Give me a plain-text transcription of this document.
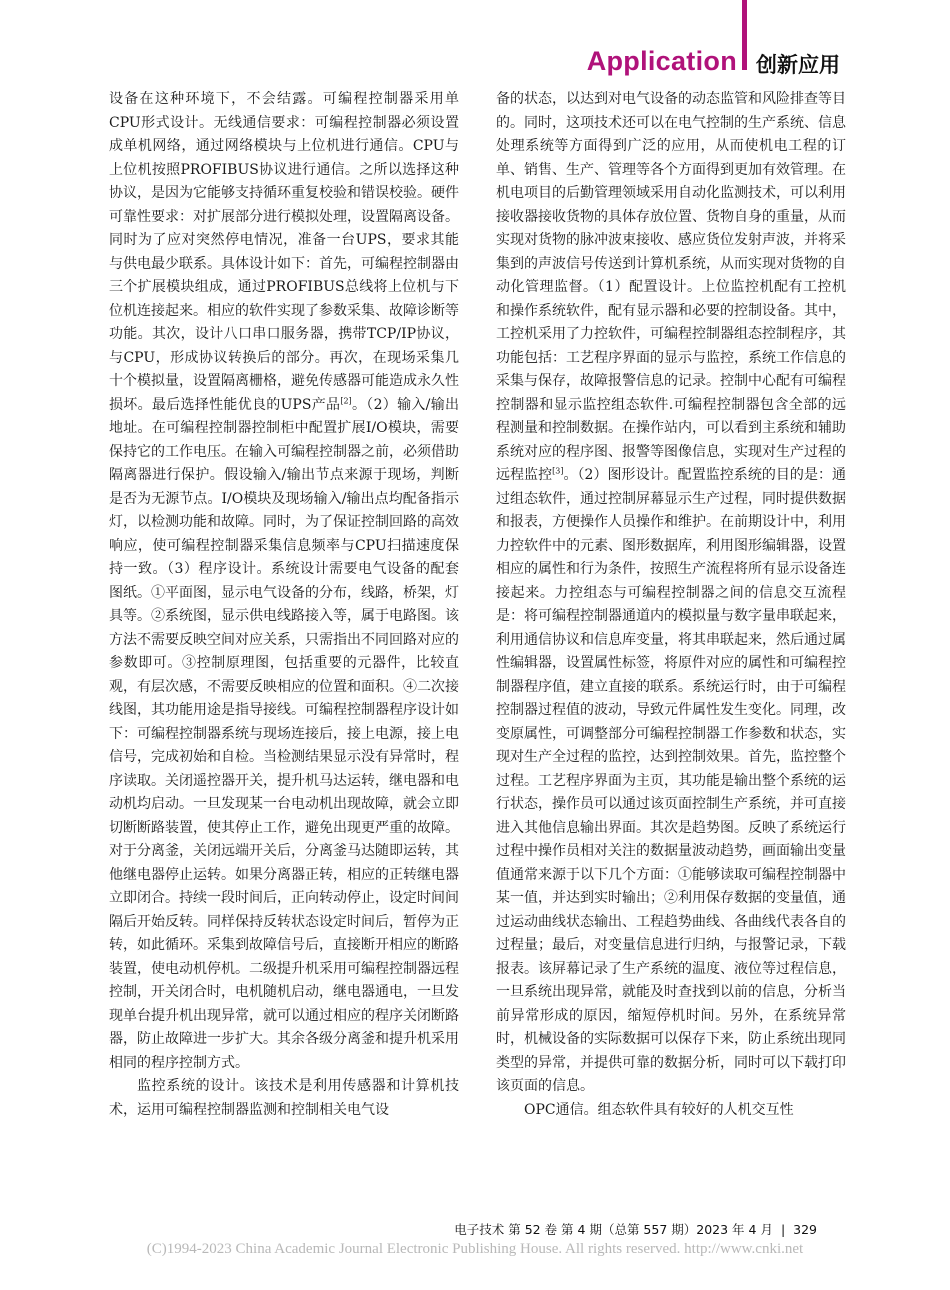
Application 创新应用

设备在这种环境下，不会结露。可编程控制器采用单CPU形式设计。无线通信要求：可编程控制器必须设置成单机网络，通过网络模块与上位机进行通信。CPU与上位机按照PROFIBUS协议进行通信。之所以选择这种协议，是因为它能够支持循环重复校验和错误校验。硬件可靠性要求：对扩展部分进行模拟处理，设置隔离设备。同时为了应对突然停电情况，准备一台UPS，要求其能与供电最少联系。具体设计如下：首先，可编程控制器由三个扩展模块组成，通过PROFIBUS总线将上位机与下位机连接起来。相应的软件实现了参数采集、故障诊断等功能。其次，设计八口串口服务器，携带TCP/IP协议，与CPU，形成协议转换后的部分。再次，在现场采集几十个模拟量，设置隔离栅格，避免传感器可能造成永久性损坏。最后选择性能优良的UPS产品[2]。（2）输入/输出地址。在可编程控制器控制柜中配置扩展I/O模块，需要保持它的工作电压。在输入可编程控制器之前，必须借助隔离器进行保护。假设输入/输出节点来源于现场，判断是否为无源节点。I/O模块及现场输入/输出点均配备指示灯，以检测功能和故障。同时，为了保证控制回路的高效响应，使可编程控制器采集信息频率与CPU扫描速度保持一致。（3）程序设计。系统设计需要电气设备的配套图纸。①平面图，显示电气设备的分布，线路，桥架，灯具等。②系统图，显示供电线路接入等，属于电路图。该方法不需要反映空间对应关系，只需指出不同回路对应的参数即可。③控制原理图，包括重要的元器件，比较直观，有层次感，不需要反映相应的位置和面积。④二次接线图，其功能用途是指导接线。可编程控制器程序设计如下：可编程控制器系统与现场连接后，接上电源，接上电信号，完成初始和自检。当检测结果显示没有异常时，程序读取。关闭遥控器开关，提升机马达运转，继电器和电动机均启动。一旦发现某一台电动机出现故障，就会立即切断断路装置，使其停止工作，避免出现更严重的故障。对于分离釜，关闭远端开关后，分离釜马达随即运转，其他继电器停止运转。如果分离器正转，相应的正转继电器立即闭合。持续一段时间后，正向转动停止，设定时间间隔后开始反转。同样保持反转状态设定时间后，暂停为正转，如此循环。采集到故障信号后，直接断开相应的断路装置，使电动机停机。二级提升机采用可编程控制器远程控制，开关闭合时，电机随机启动，继电器通电，一旦发现单台提升机出现异常，就可以通过相应的程序关闭断路器，防止故障进一步扩大。其余各级分离釜和提升机采用相同的程序控制方式。

监控系统的设计。该技术是利用传感器和计算机技术，运用可编程控制器监测和控制相关电气设

备的状态，以达到对电气设备的动态监管和风险排查等目的。同时，这项技术还可以在电气控制的生产系统、信息处理系统等方面得到广泛的应用，从而使机电工程的订单、销售、生产、管理等各个方面得到更加有效管理。在机电项目的后勤管理领域采用自动化监测技术，可以利用接收器接收货物的具体存放位置、货物自身的重量，从而实现对货物的脉冲波束接收、感应货位发射声波，并将采集到的声波信号传送到计算机系统，从而实现对货物的自动化管理监督。（1）配置设计。上位监控机配有工控机和操作系统软件，配有显示器和必要的控制设备。其中，工控机采用了力控软件，可编程控制器组态控制程序，其功能包括：工艺程序界面的显示与监控，系统工作信息的采集与保存，故障报警信息的记录。控制中心配有可编程控制器和显示监控组态软件.可编程控制器包含全部的远程测量和控制数据。在操作站内，可以看到主系统和辅助系统对应的程序图、报警等图像信息，实现对生产过程的远程监控[3]。（2）图形设计。配置监控系统的目的是：通过组态软件，通过控制屏幕显示生产过程，同时提供数据和报表，方便操作人员操作和维护。在前期设计中，利用力控软件中的元素、图形数据库，利用图形编辑器，设置相应的属性和行为条件，按照生产流程将所有显示设备连接起来。力控组态与可编程控制器之间的信息交互流程是：将可编程控制器通道内的模拟量与数字量串联起来，利用通信协议和信息库变量，将其串联起来，然后通过属性编辑器，设置属性标签，将原件对应的属性和可编程控制器程序值，建立直接的联系。系统运行时，由于可编程控制器过程值的波动，导致元件属性发生变化。同理，改变原属性，可调整部分可编程控制器工作参数和状态，实现对生产全过程的监控，达到控制效果。首先，监控整个过程。工艺程序界面为主页，其功能是输出整个系统的运行状态，操作员可以通过该页面控制生产系统，并可直接进入其他信息输出界面。其次是趋势图。反映了系统运行过程中操作员相对关注的数据量波动趋势，画面输出变量值通常来源于以下几个方面：①能够读取可编程控制器中某一值，并达到实时输出；②利用保存数据的变量值，通过运动曲线状态输出、工程趋势曲线、各曲线代表各自的过程量；最后，对变量信息进行归纳，与报警记录，下载报表。该屏幕记录了生产系统的温度、液位等过程信息，一旦系统出现异常，就能及时查找到以前的信息，分析当前异常形成的原因，缩短停机时间。另外，在系统异常时，机械设备的实际数据可以保存下来，防止系统出现同类型的异常，并提供可靠的数据分析，同时可以下载打印该页面的信息。

OPC通信。组态软件具有较好的人机交互性

电子技术 第 52 卷 第 4 期（总第 557 期）2023 年 4 月 | 329
(C)1994-2023 China Academic Journal Electronic Publishing House. All rights reserved. http://www.cnki.net
